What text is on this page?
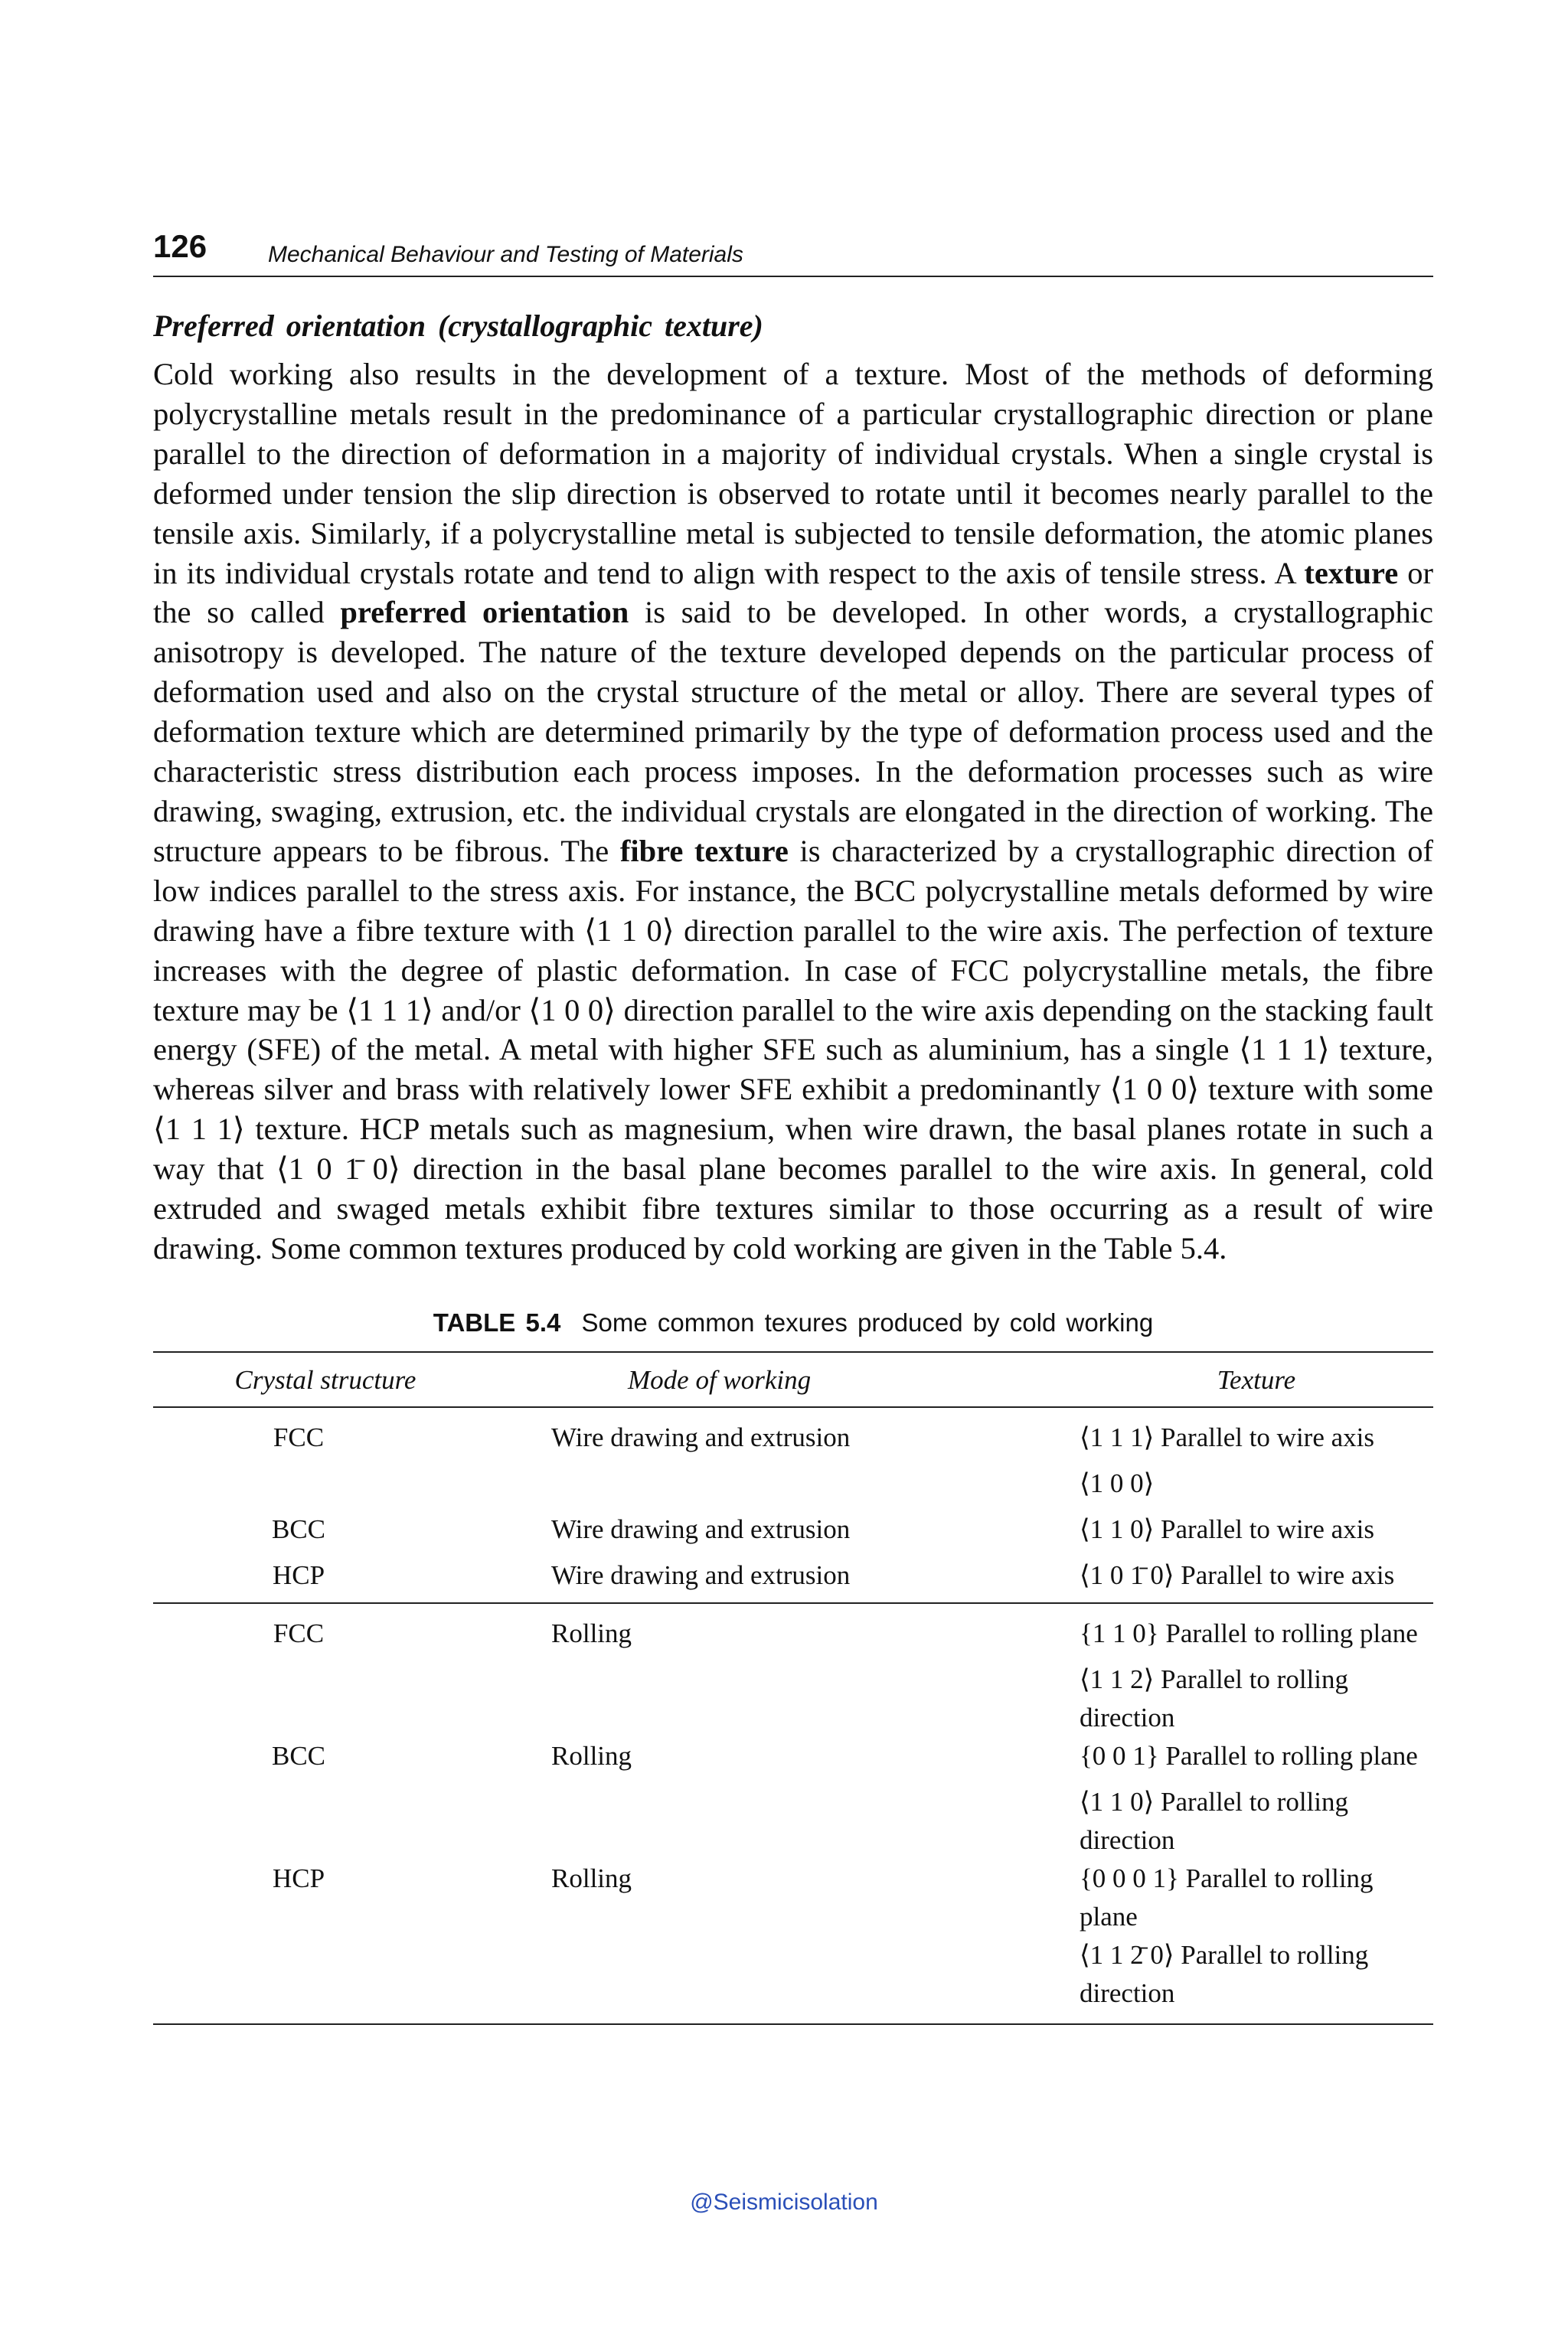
126	Mechanical Behaviour and Testing of Materials
Preferred orientation (crystallographic texture)

Cold working also results in the development of a texture. Most of the methods of deforming polycrystalline metals result in the predominance of a particular crystallographic direction or plane parallel to the direction of deformation in a majority of individual crystals. When a single crystal is deformed under tension the slip direction is observed to rotate until it becomes nearly parallel to the tensile axis. Similarly, if a polycrystalline metal is subjected to tensile deformation, the atomic planes in its individual crystals rotate and tend to align with respect to the axis of tensile stress. A texture or the so called preferred orientation is said to be developed. In other words, a crystallographic anisotropy is developed. The nature of the texture developed depends on the particular process of deformation used and also on the crystal structure of the metal or alloy. There are several types of deformation texture which are determined primarily by the type of deformation process used and the characteristic stress distribution each process imposes. In the deformation processes such as wire drawing, swaging, extrusion, etc. the individual crystals are elongated in the direction of working. The structure appears to be fibrous. The fibre texture is characterized by a crystallographic direction of low indices parallel to the stress axis. For instance, the BCC polycrystalline metals deformed by wire drawing have a fibre texture with ⟨1 1 0⟩ direction parallel to the wire axis. The perfection of texture increases with the degree of plastic deformation. In case of FCC polycrystalline metals, the fibre texture may be ⟨1 1 1⟩ and/or ⟨1 0 0⟩ direction parallel to the wire axis depending on the stacking fault energy (SFE) of the metal. A metal with higher SFE such as aluminium, has a single ⟨1 1 1⟩ texture, whereas silver and brass with relatively lower SFE exhibit a predominantly ⟨1 0 0⟩ texture with some ⟨1 1 1⟩ texture. HCP metals such as magnesium, when wire drawn, the basal planes rotate in such a way that ⟨1 0 1̄ 0⟩ direction in the basal plane becomes parallel to the wire axis. In general, cold extruded and swaged metals exhibit fibre textures similar to those occurring as a result of wire drawing. Some common textures produced by cold working are given in the Table 5.4.

TABLE 5.4 Some common texures produced by cold working
Crystal structure	Mode of working	Texture
FCC	Wire drawing and extrusion	⟨1 1 1⟩ Parallel to wire axis
		⟨1 0 0⟩
BCC	Wire drawing and extrusion	⟨1 1 0⟩ Parallel to wire axis
HCP	Wire drawing and extrusion	⟨1 0 1̄ 0⟩ Parallel to wire axis
FCC	Rolling	{1 1 0} Parallel to rolling plane
		⟨1 1 2⟩ Parallel to rolling direction
BCC	Rolling	{0 0 1} Parallel to rolling plane
		⟨1 1 0⟩ Parallel to rolling direction
HCP	Rolling	{0 0 0 1} Parallel to rolling plane
		⟨1 1 2̄ 0⟩ Parallel to rolling direction
@Seismicisolation
